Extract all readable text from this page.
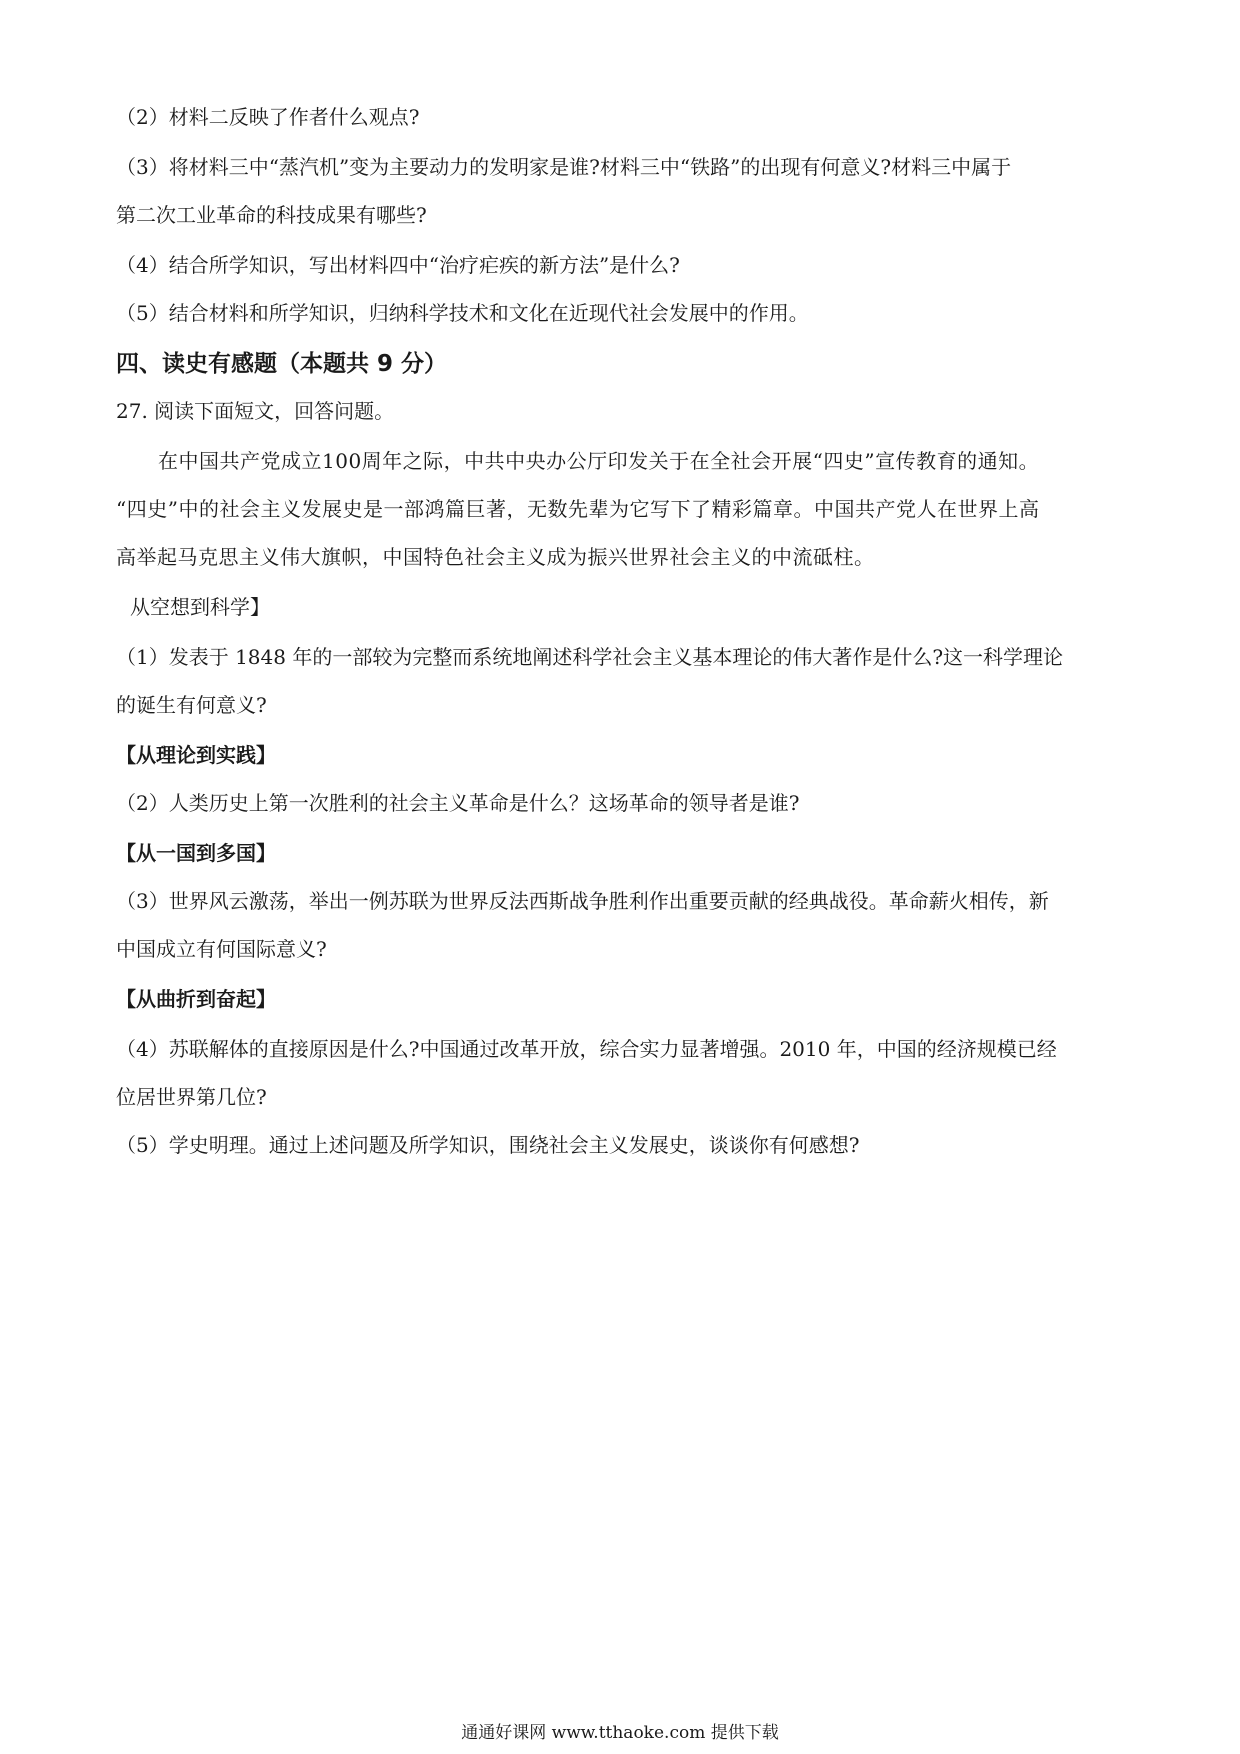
（2）材料二反映了作者什么观点?
（3）将材料三中“蒸汽机”变为主要动力的发明家是谁?材料三中“铁路”的出现有何意义?材料三中属于
第二次工业革命的科技成果有哪些?
（4）结合所学知识，写出材料四中“治疗疟疾的新方法”是什么?
（5）结合材料和所学知识，归纳科学技术和文化在近现代社会发展中的作用。
四、读史有感题（本题共 9 分）
27. 阅读下面短文，回答问题。
在中国共产党成立100周年之际，中共中央办公厅印发关于在全社会开展“四史”宣传教育的通知。
“四史”中的社会主义发展史是一部鸿篇巨著，无数先辈为它写下了精彩篇章。中国共产党人在世界上高
高举起马克思主义伟大旗帜，中国特色社会主义成为振兴世界社会主义的中流砥柱。
从空想到科学】
（1）发表于 1848 年的一部较为完整而系统地阐述科学社会主义基本理论的伟大著作是什么?这一科学理论
的诞生有何意义?
【从理论到实践】
（2）人类历史上第一次胜利的社会主义革命是什么？这场革命的领导者是谁?
【从一国到多国】
（3）世界风云激荡，举出一例苏联为世界反法西斯战争胜利作出重要贡献的经典战役。革命薪火相传，新
中国成立有何国际意义?
【从曲折到奋起】
（4）苏联解体的直接原因是什么?中国通过改革开放，综合实力显著增强。2010 年，中国的经济规模已经
位居世界第几位?
（5）学史明理。通过上述问题及所学知识，围绕社会主义发展史，谈谈你有何感想?
通通好课网 www.tthaoke.com 提供下载
